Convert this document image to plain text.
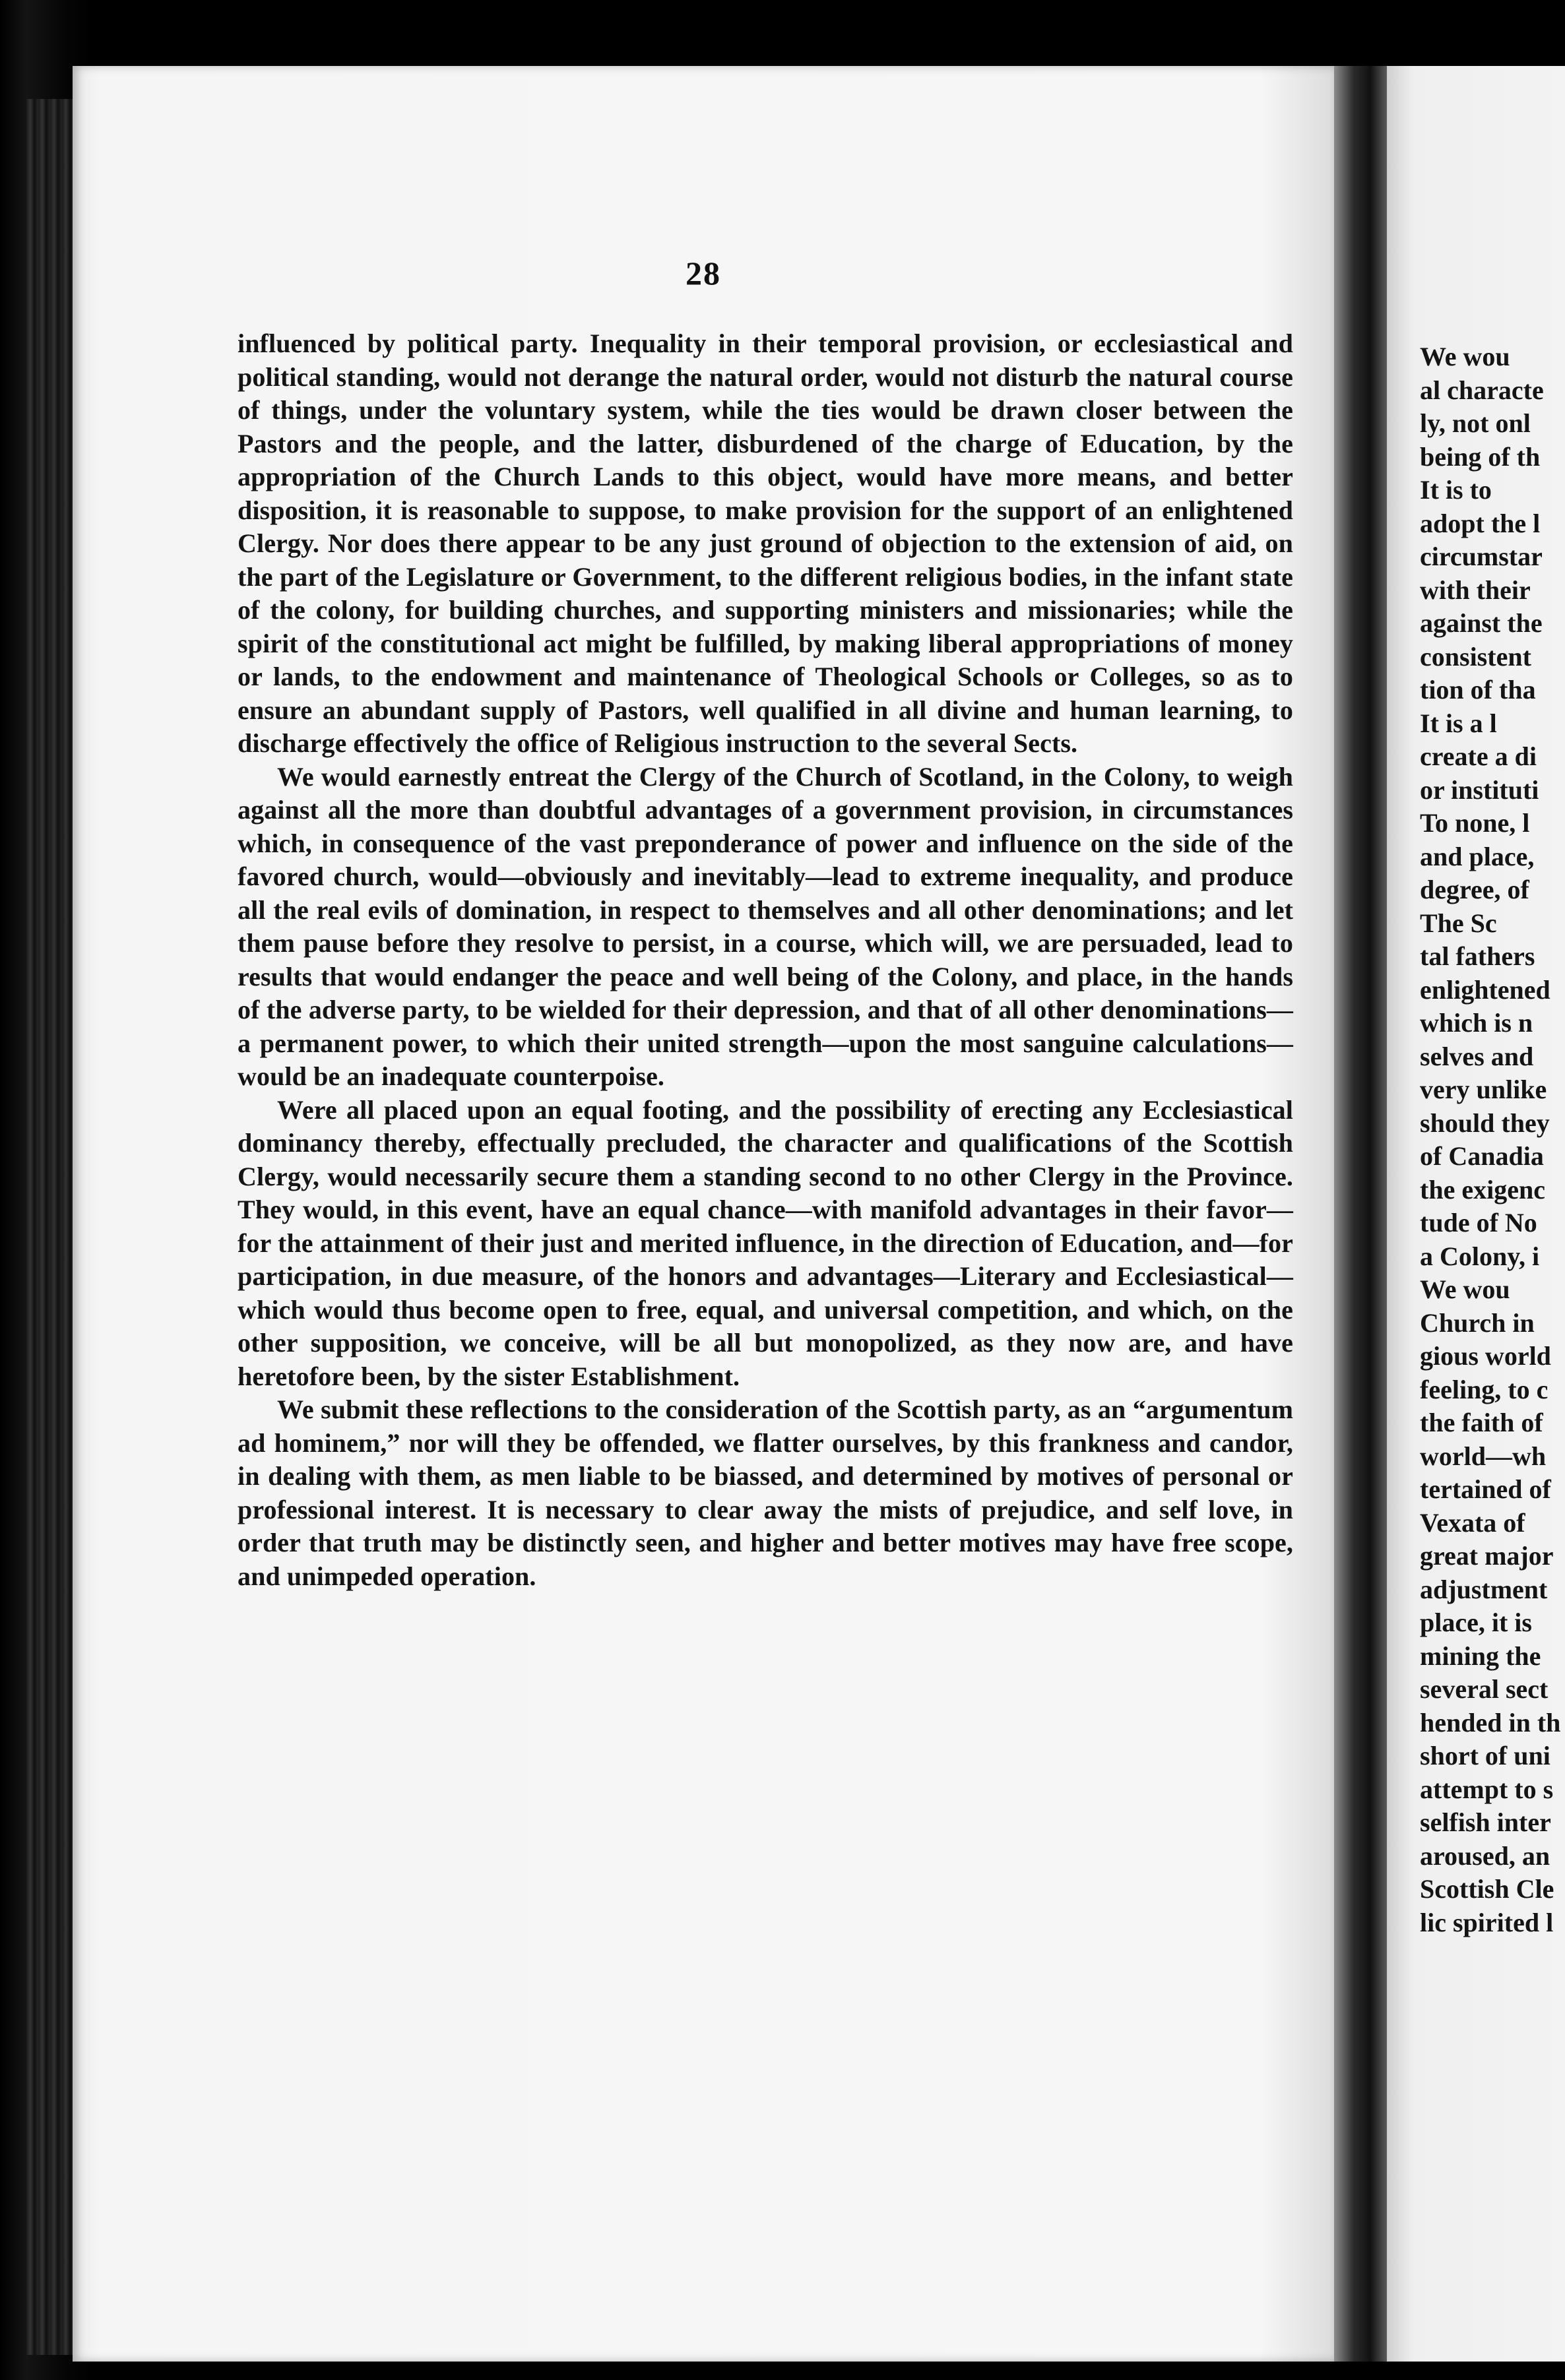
28

influenced by political party. Inequality in their temporal provision, or ecclesiastical and political standing, would not derange the natural order, would not disturb the natural course of things, under the voluntary system, while the ties would be drawn closer between the Pastors and the people, and the latter, disburdened of the charge of Education, by the appropriation of the Church Lands to this object, would have more means, and better disposition, it is reasonable to suppose, to make provision for the support of an enlightened Clergy. Nor does there appear to be any just ground of objection to the extension of aid, on the part of the Legislature or Government, to the different religious bodies, in the infant state of the colony, for building churches, and supporting ministers and missionaries; while the spirit of the constitutional act might be fulfilled, by making liberal appropriations of money or lands, to the endowment and maintenance of Theological Schools or Colleges, so as to ensure an abundant supply of Pastors, well qualified in all divine and human learning, to discharge effectively the office of Religious instruction to the several Sects.

We would earnestly entreat the Clergy of the Church of Scotland, in the Colony, to weigh against all the more than doubtful advantages of a government provision, in circumstances which, in consequence of the vast preponderance of power and influence on the side of the favored church, would—obviously and inevitably—lead to extreme inequality, and produce all the real evils of domination, in respect to themselves and all other denominations; and let them pause before they resolve to persist, in a course, which will, we are persuaded, lead to results that would endanger the peace and well being of the Colony, and place, in the hands of the adverse party, to be wielded for their depression, and that of all other denominations—a permanent power, to which their united strength—upon the most sanguine calculations—would be an inadequate counterpoise.

Were all placed upon an equal footing, and the possibility of erecting any Ecclesiastical dominancy thereby, effectually precluded, the character and qualifications of the Scottish Clergy, would necessarily secure them a standing second to no other Clergy in the Province. They would, in this event, have an equal chance—with manifold advantages in their favor—for the attainment of their just and merited influence, in the direction of Education, and—for participation, in due measure, of the honors and advantages—Literary and Ecclesiastical—which would thus become open to free, equal, and universal competition, and which, on the other supposition, we conceive, will be all but monopolized, as they now are, and have heretofore been, by the sister Establishment.

We submit these reflections to the consideration of the Scottish party, as an “argumentum ad hominem,” nor will they be offended, we flatter ourselves, by this frankness and candor, in dealing with them, as men liable to be biassed, and determined by motives of personal or professional interest. It is necessary to clear away the mists of prejudice, and self love, in order that truth may be distinctly seen, and higher and better motives may have free scope, and unimpeded operation.

We wou
al characte
ly, not onl
being of th
It is to
adopt the l
circumstar
with their
against the
consistent
tion of tha
It is a l
create a di
or instituti
To none, l
and place,
degree, of
The Sc
tal fathers
enlightened
which is n
selves and
very unlike
should they
of Canadia
the exigenc
tude of No
a Colony, i
We wou
Church in
gious world
feeling, to c
the faith of
world—wh
tertained of
Vexata of
great major
adjustment
place, it is
mining the
several sect
hended in th
short of uni
attempt to s
selfish inter
aroused, an
Scottish Cle
lic spirited l
